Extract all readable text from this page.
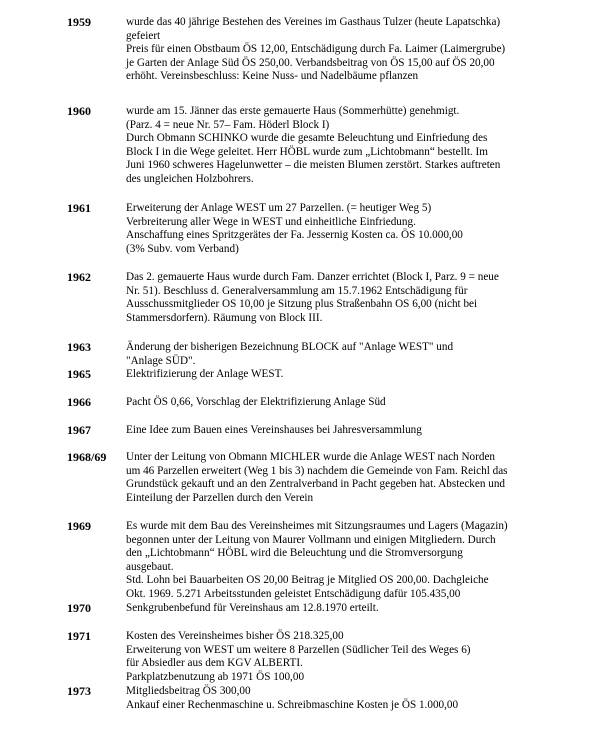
1959	wurde das 40 jährige Bestehen des Vereines im Gasthaus Tulzer (heute Lapatschka)
gefeiert
Preis für einen Obstbaum ÖS 12,00, Entschädigung durch Fa. Laimer (Laimergrube)
je Garten der Anlage Süd ÖS 250,00. Verbandsbeitrag von ÖS 15,00 auf ÖS 20,00
erhöht. Vereinsbeschluss: Keine Nuss- und Nadelbäume pflanzen
1960	wurde am 15. Jänner das erste gemauerte Haus (Sommerhütte) genehmigt.
(Parz. 4 = neue Nr. 57– Fam. Höderl Block I)
Durch Obmann SCHINKO wurde die gesamte Beleuchtung und Einfriedung des
Block I in die Wege geleitet. Herr HÖBL wurde zum „Lichtobmann“ bestellt. Im
Juni 1960 schweres Hagelunwetter – die meisten Blumen zerstört. Starkes auftreten
des ungleichen Holzbohrers.
1961	Erweiterung der Anlage WEST um 27 Parzellen. (= heutiger Weg 5)
Verbreiterung aller Wege in WEST und einheitliche Einfriedung.
Anschaffung eines Spritzgerätes der Fa. Jessernig Kosten ca. ÖS 10.000,00
(3% Subv. vom Verband)
1962	Das 2. gemauerte Haus wurde durch Fam. Danzer errichtet (Block I, Parz. 9 = neue
Nr. 51). Beschluss d. Generalversammlung am 15.7.1962 Entschädigung für
Ausschussmitglieder OS 10,00 je Sitzung plus Straßenbahn OS 6,00 (nicht bei
Stammersdorfern). Räumung von Block III.
1963	Änderung der bisherigen Bezeichnung BLOCK auf "Anlage WEST" und
"Anlage SÜD".
1965	Elektrifizierung der Anlage WEST.
1966	Pacht ÖS 0,66, Vorschlag der Elektrifizierung Anlage Süd
1967	Eine Idee zum Bauen eines Vereinshauses bei Jahresversammlung
1968/69 Unter der Leitung von Obmann MICHLER wurde die Anlage WEST nach Norden
um 46 Parzellen erweitert (Weg 1 bis 3) nachdem die Gemeinde von Fam. Reichl das
Grundstück gekauft und an den Zentralverband in Pacht gegeben hat. Abstecken und
Einteilung der Parzellen durch den Verein
1969	Es wurde mit dem Bau des Vereinsheimes mit Sitzungsraumes und Lagers (Magazin)
begonnen unter der Leitung von Maurer Vollmann und einigen Mitgliedern. Durch
den „Lichtobmann“ HÖBL wird die Beleuchtung und die Stromversorgung
ausgebaut.
Std. Lohn bei Bauarbeiten OS 20,00 Beitrag je Mitglied OS 200,00. Dachgleiche
Okt. 1969. 5.271 Arbeitsstunden geleistet Entschädigung dafür 105.435,00
1970	Senkgrubenbefund für Vereinshaus am 12.8.1970 erteilt.
1971	Kosten des Vereinsheimes bisher ÖS 218.325,00
Erweiterung von WEST um weitere 8 Parzellen (Südlicher Teil des Weges 6)
für Absiedler aus dem KGV ALBERTI.
Parkplatzbenutzung ab 1971 ÖS 100,00
1973	Mitgliedsbeitrag ÖS 300,00
Ankauf einer Rechenmaschine u. Schreibmaschine Kosten je ÖS 1.000,00
